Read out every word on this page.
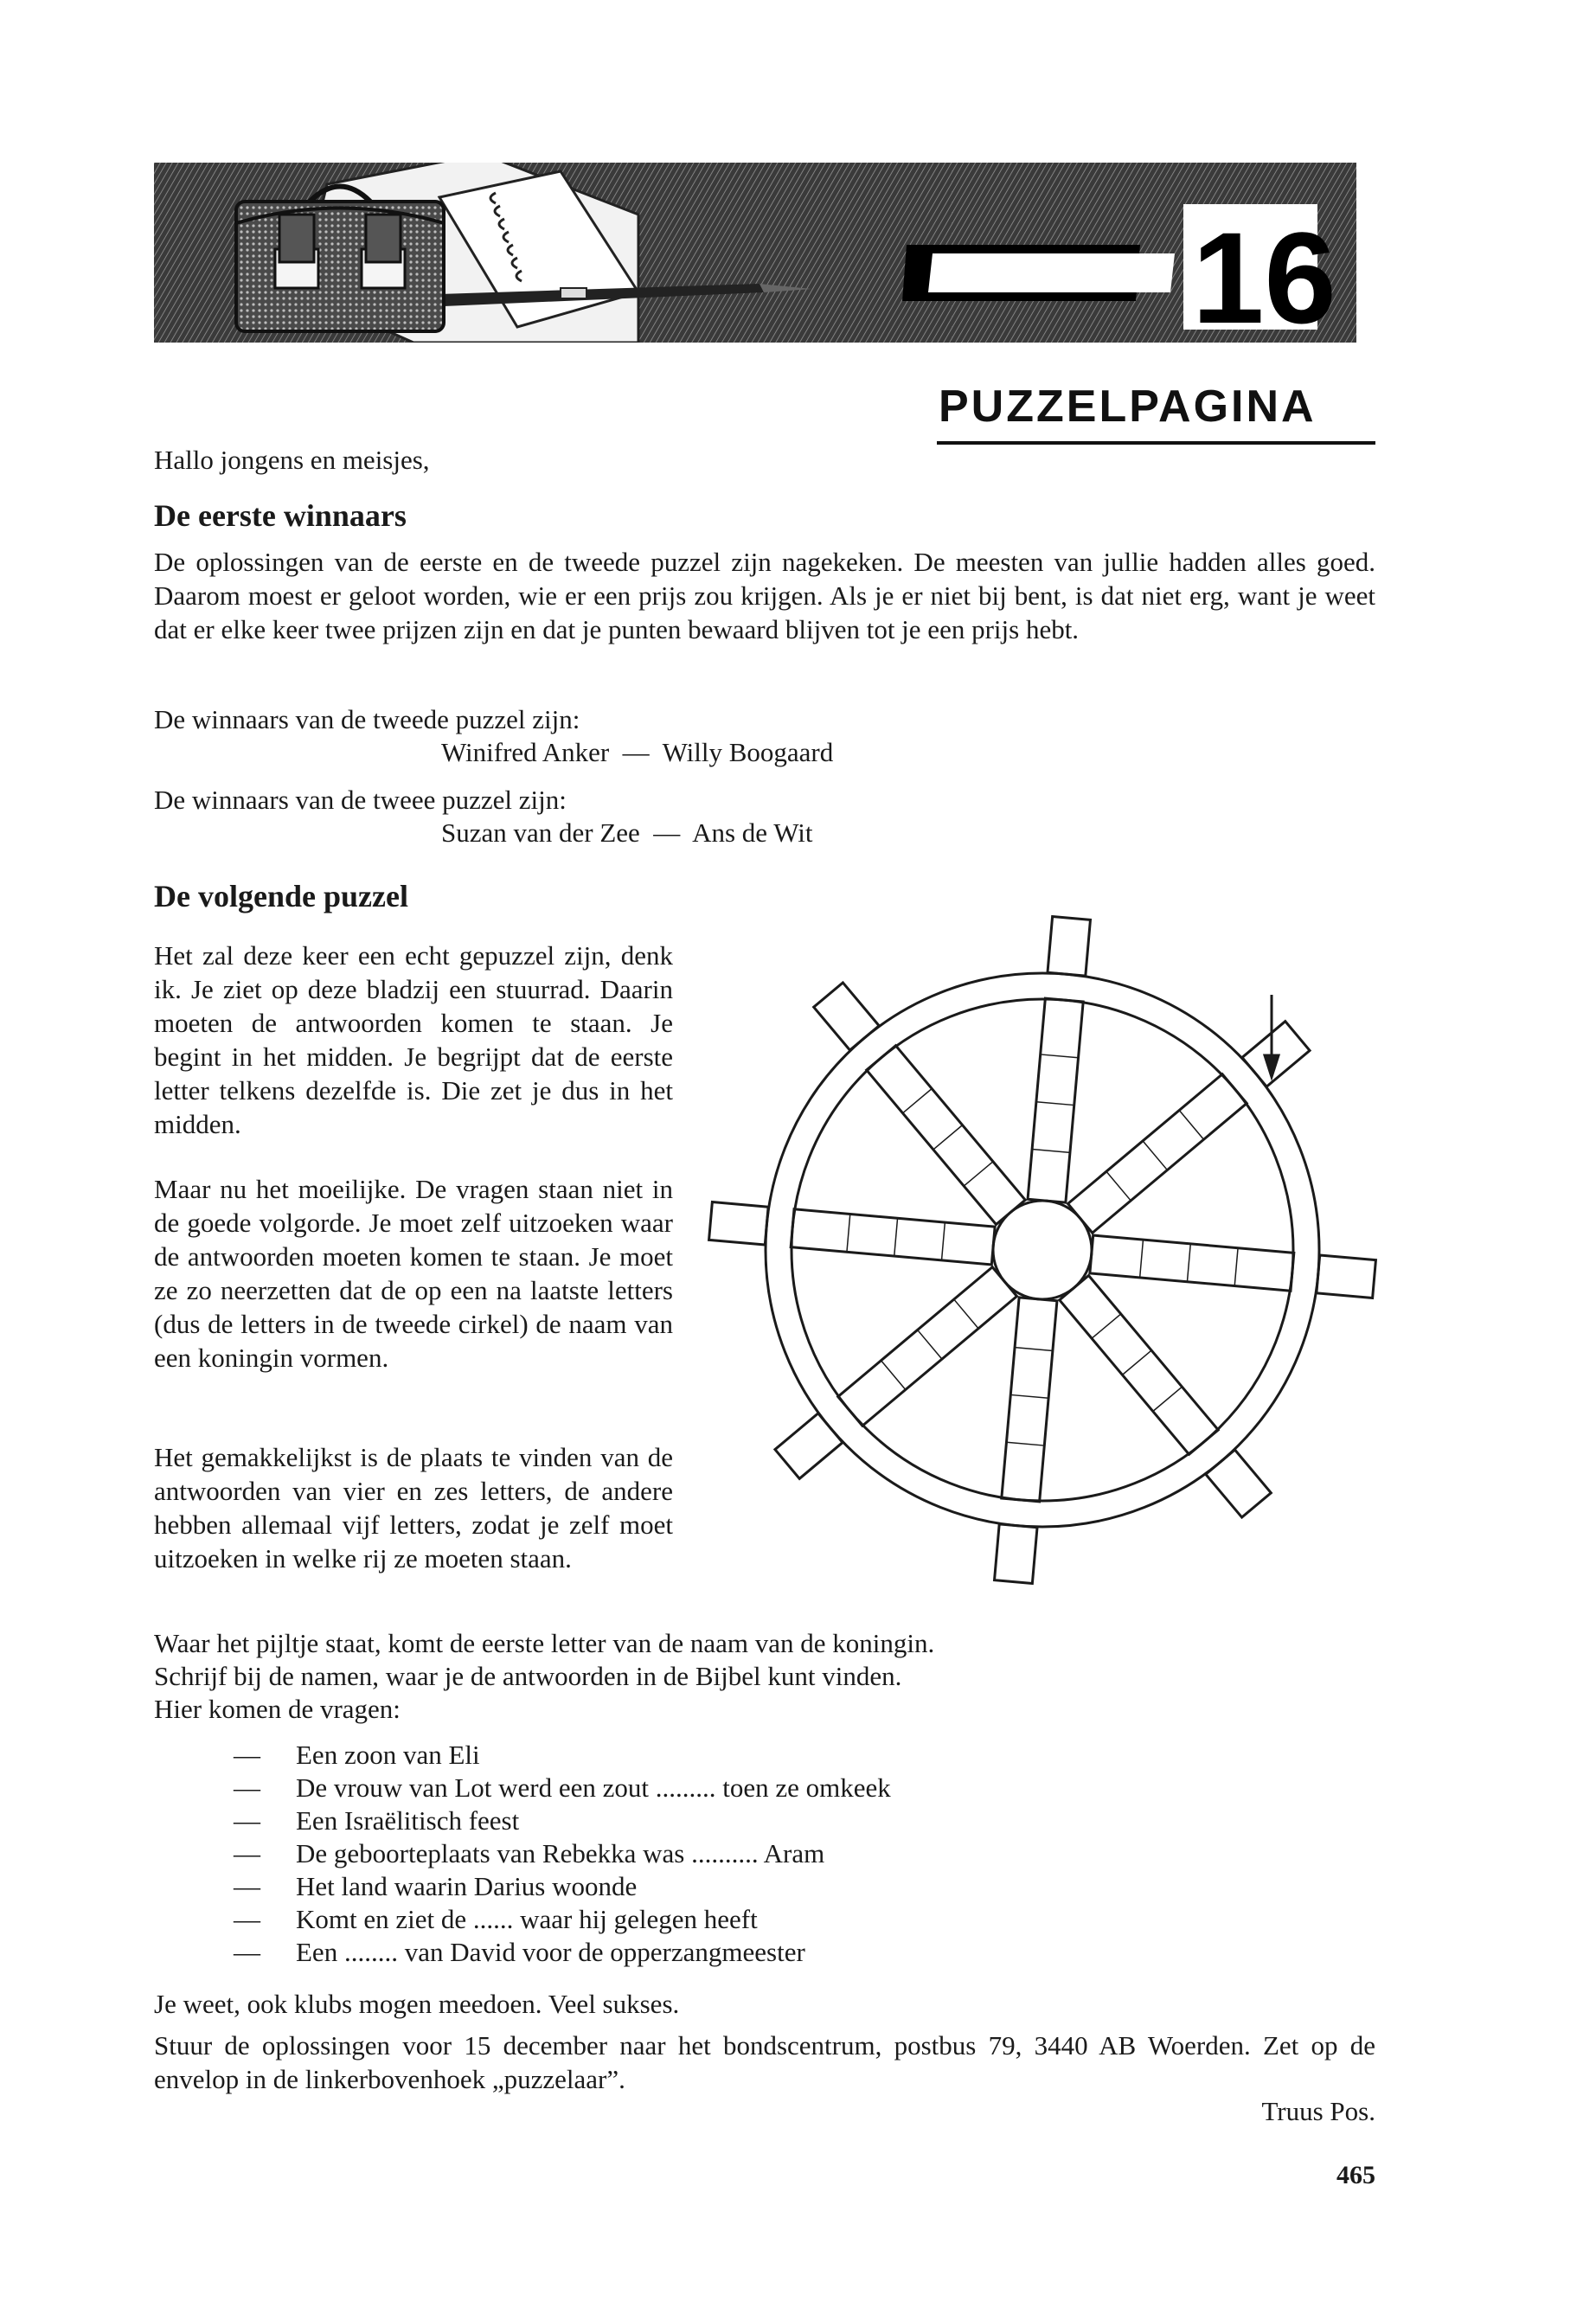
16
PUZZELPAGINA

Hallo jongens en meisjes,

De eerste winnaars

De oplossingen van de eerste en de tweede puzzel zijn nagekeken. De meesten van jullie hadden alles goed. Daarom moest er geloot worden, wie er een prijs zou krijgen. Als je er niet bij bent, is dat niet erg, want je weet dat er elke keer twee prijzen zijn en dat je punten bewaard blijven tot je een prijs hebt.

De winnaars van de tweede puzzel zijn:

Winifred Anker  —  Willy Boogaard

De winnaars van de tweee puzzel zijn:

Suzan van der Zee  —  Ans de Wit

De volgende puzzel

Het zal deze keer een echt gepuzzel zijn, denk ik. Je ziet op deze bladzij een stuurrad. Daarin moeten de antwoorden komen te staan. Je begint in het midden. Je begrijpt dat de eerste letter telkens dezelfde is. Die zet je dus in het midden.

Maar nu het moeilijke. De vragen staan niet in de goede volgorde. Je moet zelf uitzoeken waar de antwoorden moeten komen te staan. Je moet ze zo neerzetten dat de op een na laatste letters (dus de letters in de tweede cirkel) de naam van een koningin vormen.

Het gemakkelijkst is de plaats te vinden van de antwoorden van vier en zes letters, de andere hebben allemaal vijf letters, zodat je zelf moet uitzoeken in welke rij ze moeten staan.

Waar het pijltje staat, komt de eerste letter van de naam van de koningin.

Schrijf bij de namen, waar je de antwoorden in de Bijbel kunt vinden.

Hier komen de vragen:

— Een zoon van Eli
— De vrouw van Lot werd een zout ......... toen ze omkeek
— Een Israëlitisch feest
— De geboorteplaats van Rebekka was .......... Aram
— Het land waarin Darius woonde
— Komt en ziet de ...... waar hij gelegen heeft
— Een ........ van David voor de opperzangmeester

Je weet, ook klubs mogen meedoen. Veel sukses.

Stuur de oplossingen voor 15 december naar het bondscentrum, postbus 79, 3440 AB Woerden. Zet op de envelop in de linkerbovenhoek „puzzelaar”.

Truus Pos.

465
